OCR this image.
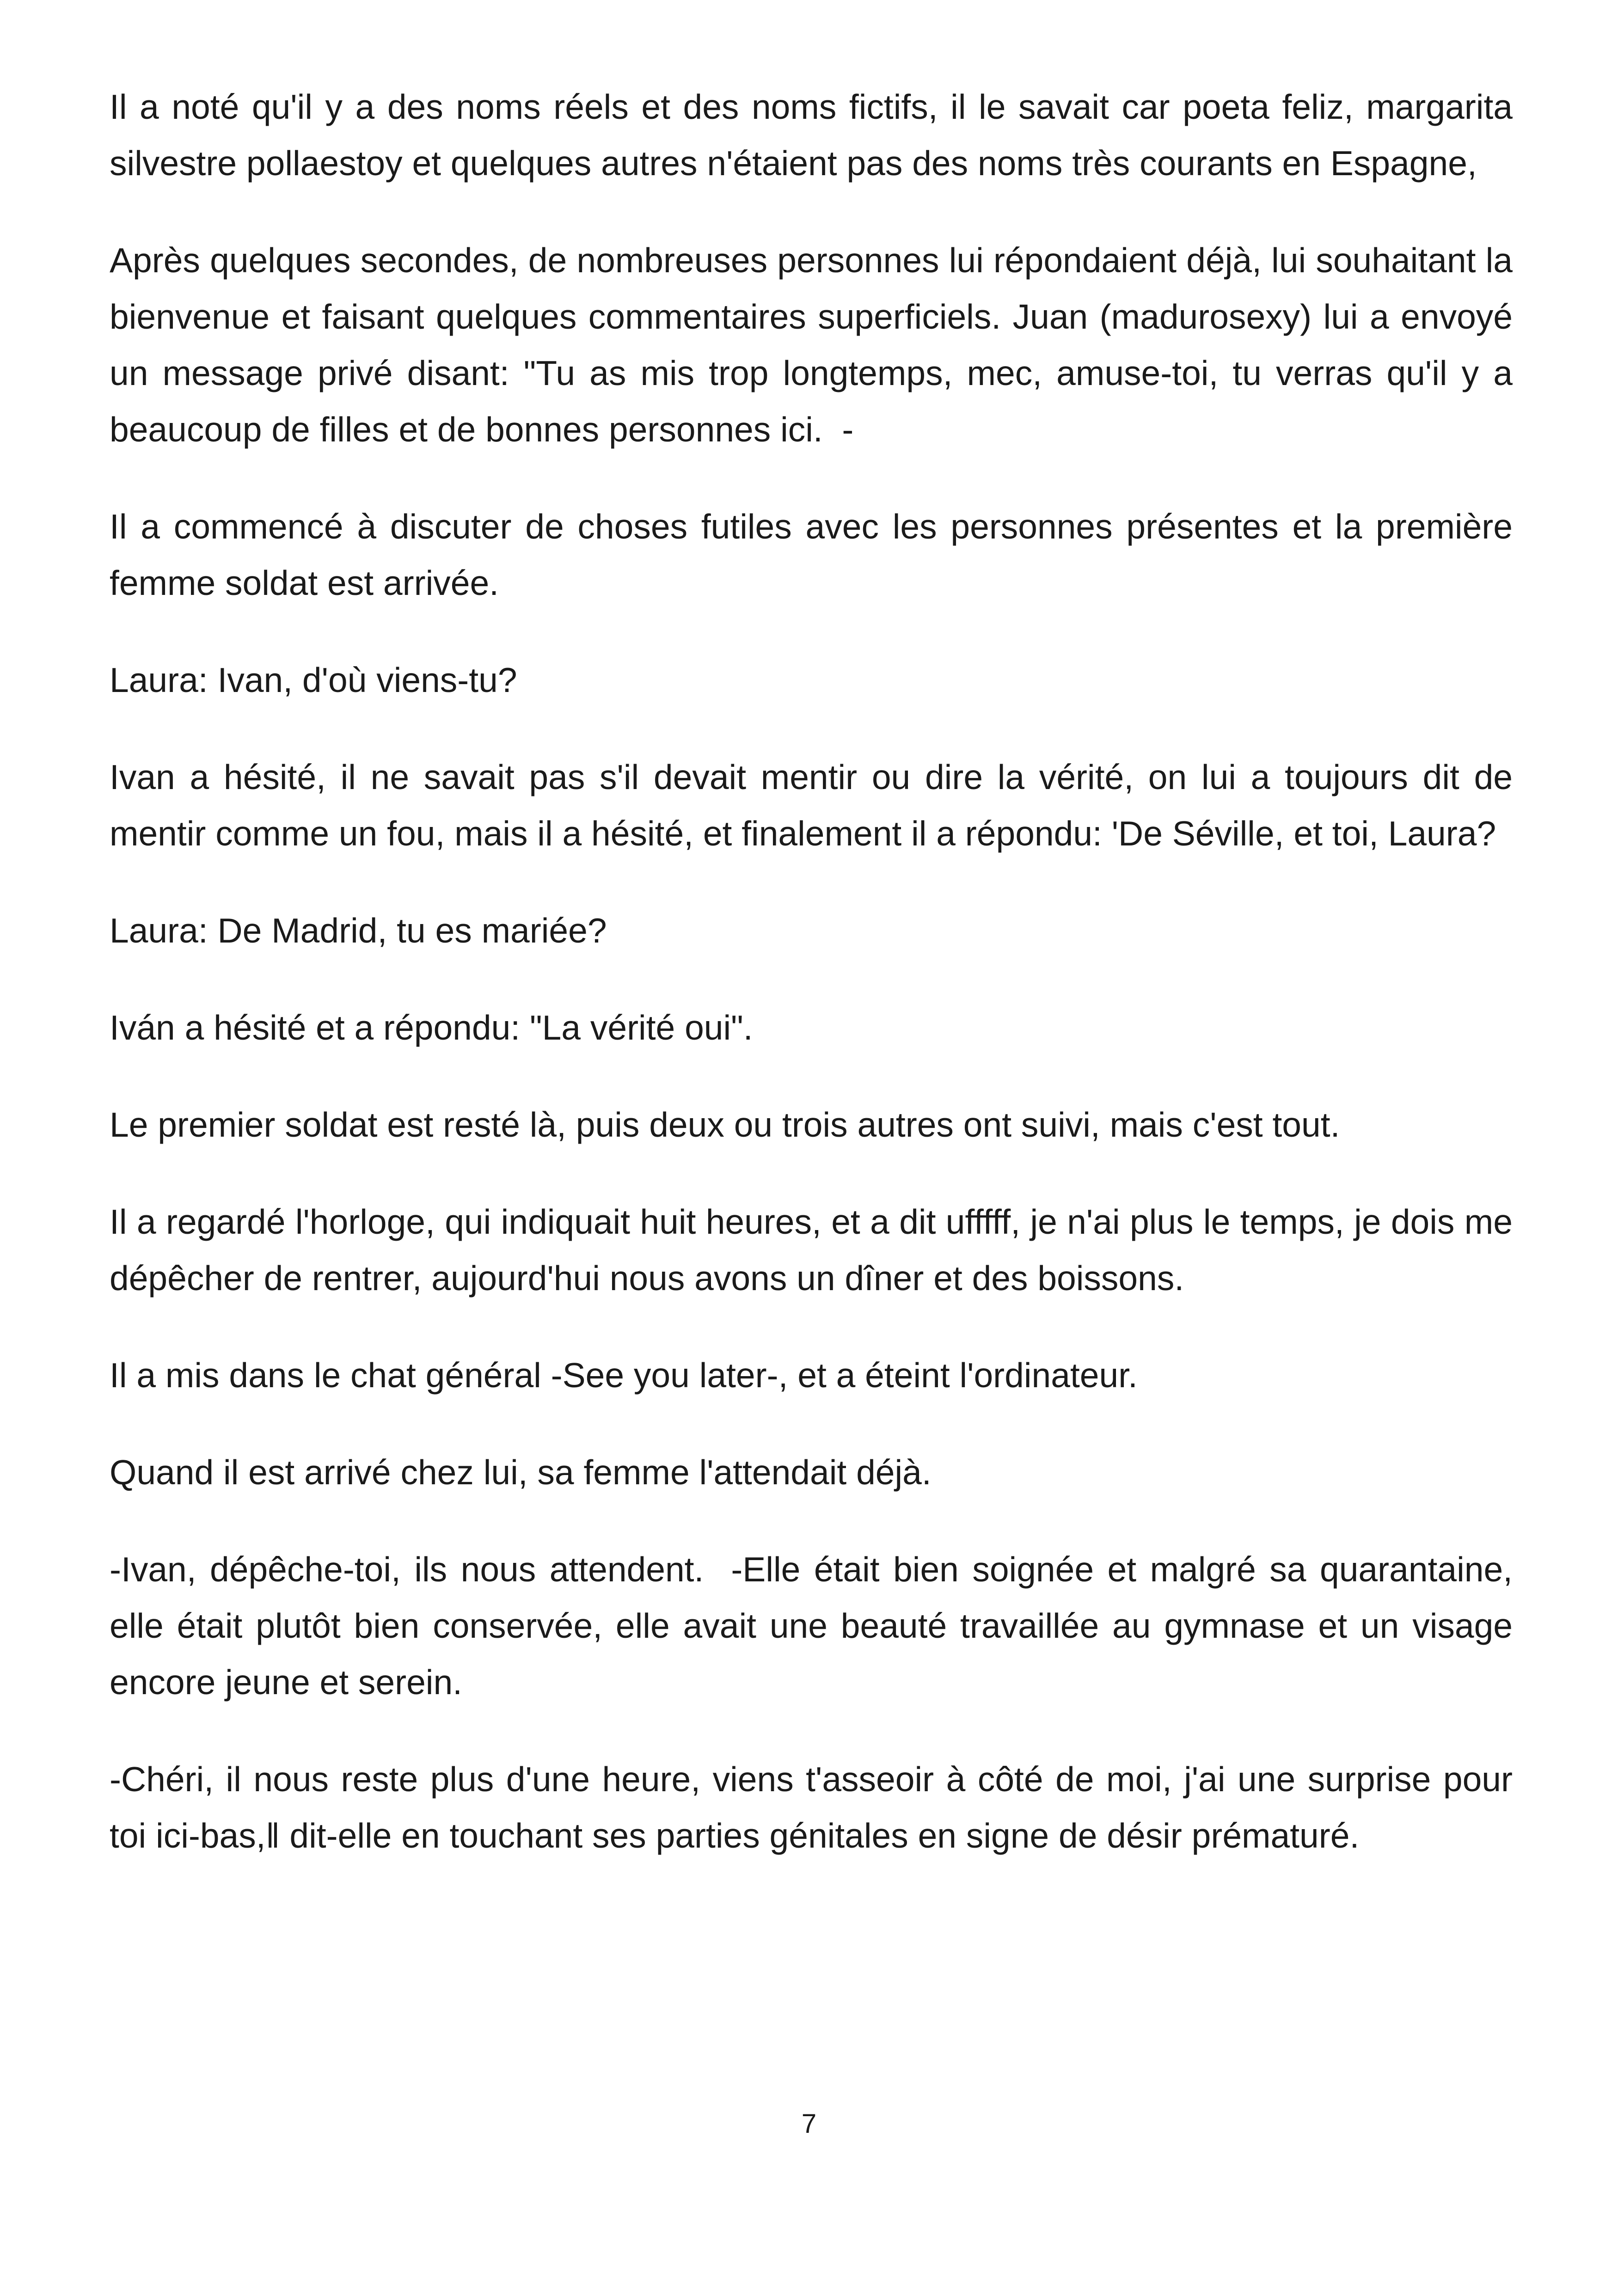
Il a noté qu'il y a des noms réels et des noms fictifs, il le savait car poeta feliz, margarita silvestre pollaestoy et quelques autres n'étaient pas des noms très courants en Espagne,

Après quelques secondes, de nombreuses personnes lui répondaient déjà, lui souhaitant la bienvenue et faisant quelques commentaires superficiels. Juan (madurosexy) lui a envoyé un message privé disant: "Tu as mis trop longtemps, mec, amuse-toi, tu verras qu'il y a beaucoup de filles et de bonnes personnes ici.  -

Il a commencé à discuter de choses futiles avec les personnes présentes et la première femme soldat est arrivée.

Laura: Ivan, d'où viens-tu?

Ivan a hésité, il ne savait pas s'il devait mentir ou dire la vérité, on lui a toujours dit de mentir comme un fou, mais il a hésité, et finalement il a répondu: 'De Séville, et toi, Laura?

Laura: De Madrid, tu es mariée?

Iván a hésité et a répondu: "La vérité oui".

Le premier soldat est resté là, puis deux ou trois autres ont suivi, mais c'est tout.

Il a regardé l'horloge, qui indiquait huit heures, et a dit ufffff, je n'ai plus le temps, je dois me dépêcher de rentrer, aujourd'hui nous avons un dîner et des boissons.

Il a mis dans le chat général -See you later-, et a éteint l'ordinateur.

Quand il est arrivé chez lui, sa femme l'attendait déjà.

-Ivan, dépêche-toi, ils nous attendent.  -Elle était bien soignée et malgré sa quarantaine, elle était plutôt bien conservée, elle avait une beauté travaillée au gymnase et un visage encore jeune et serein.

-Chéri, il nous reste plus d'une heure, viens t'asseoir à côté de moi, j'ai une surprise pour toi ici-bas,‖ dit-elle en touchant ses parties génitales en signe de désir prématuré.

7
